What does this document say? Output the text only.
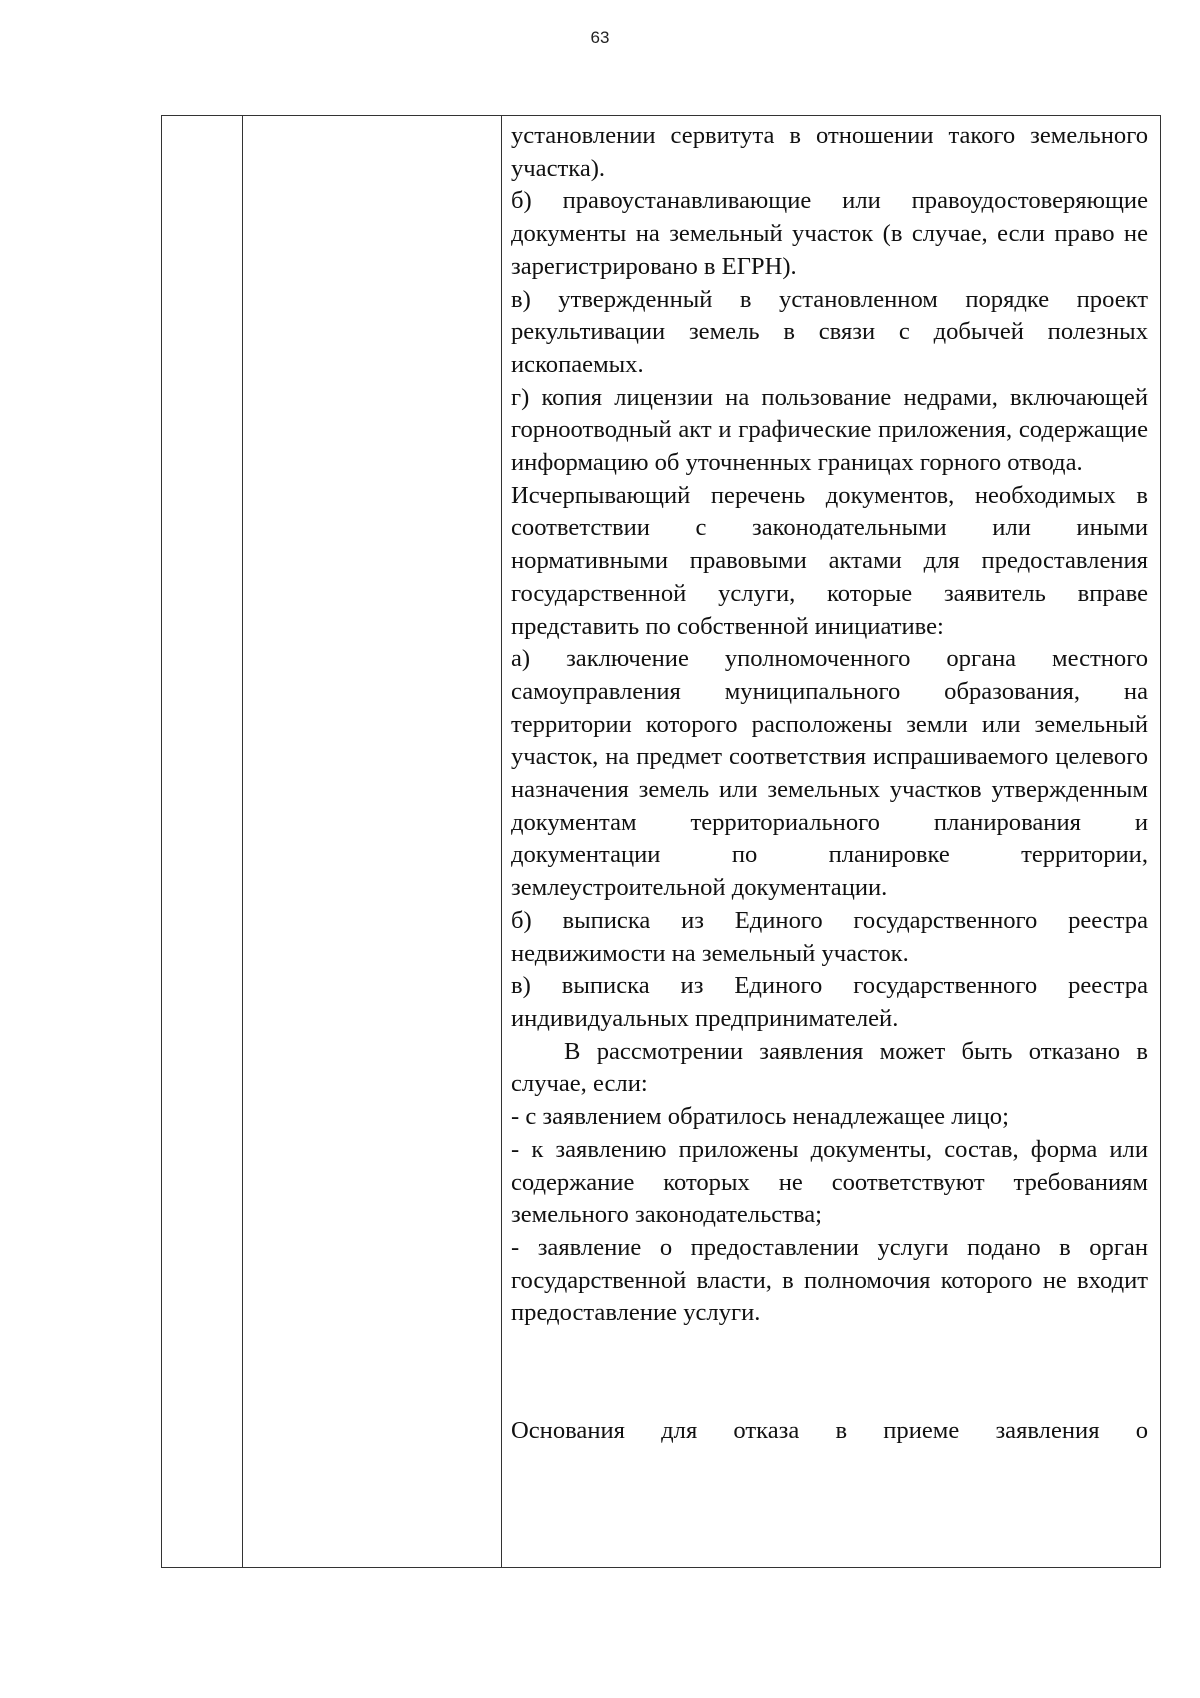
63

установлении сервитута в отношении такого земельного участка).

б) правоустанавливающие или правоудостоверяющие документы на земельный участок (в случае, если право не зарегистрировано в ЕГРН).

в) утвержденный в установленном порядке проект рекультивации земель в связи с добычей полезных ископаемых.

г) копия лицензии на пользование недрами, включающей горноотводный акт и графические приложения, содержащие информацию об уточненных границах горного отвода.

Исчерпывающий перечень документов, необходимых в соответствии с законодательными или иными нормативными правовыми актами для предоставления государственной услуги, которые заявитель вправе представить по собственной инициативе:

а) заключение уполномоченного органа местного самоуправления муниципального образования, на территории которого расположены земли или земельный участок, на предмет соответствия испрашиваемого целевого назначения земель или земельных участков утвержденным документам территориального планирования и документации по планировке территории, землеустроительной документации.

б) выписка из Единого государственного реестра недвижимости на земельный участок.

в) выписка из Единого государственного реестра индивидуальных предпринимателей.

В рассмотрении заявления может быть отказано в случае, если:

- с заявлением обратилось ненадлежащее лицо;

- к заявлению приложены документы, состав, форма или содержание которых не соответствуют требованиям земельного законодательства;

- заявление о предоставлении услуги подано в орган государственной власти, в полномочия которого не входит предоставление услуги.

Основания для отказа в приеме заявления о
